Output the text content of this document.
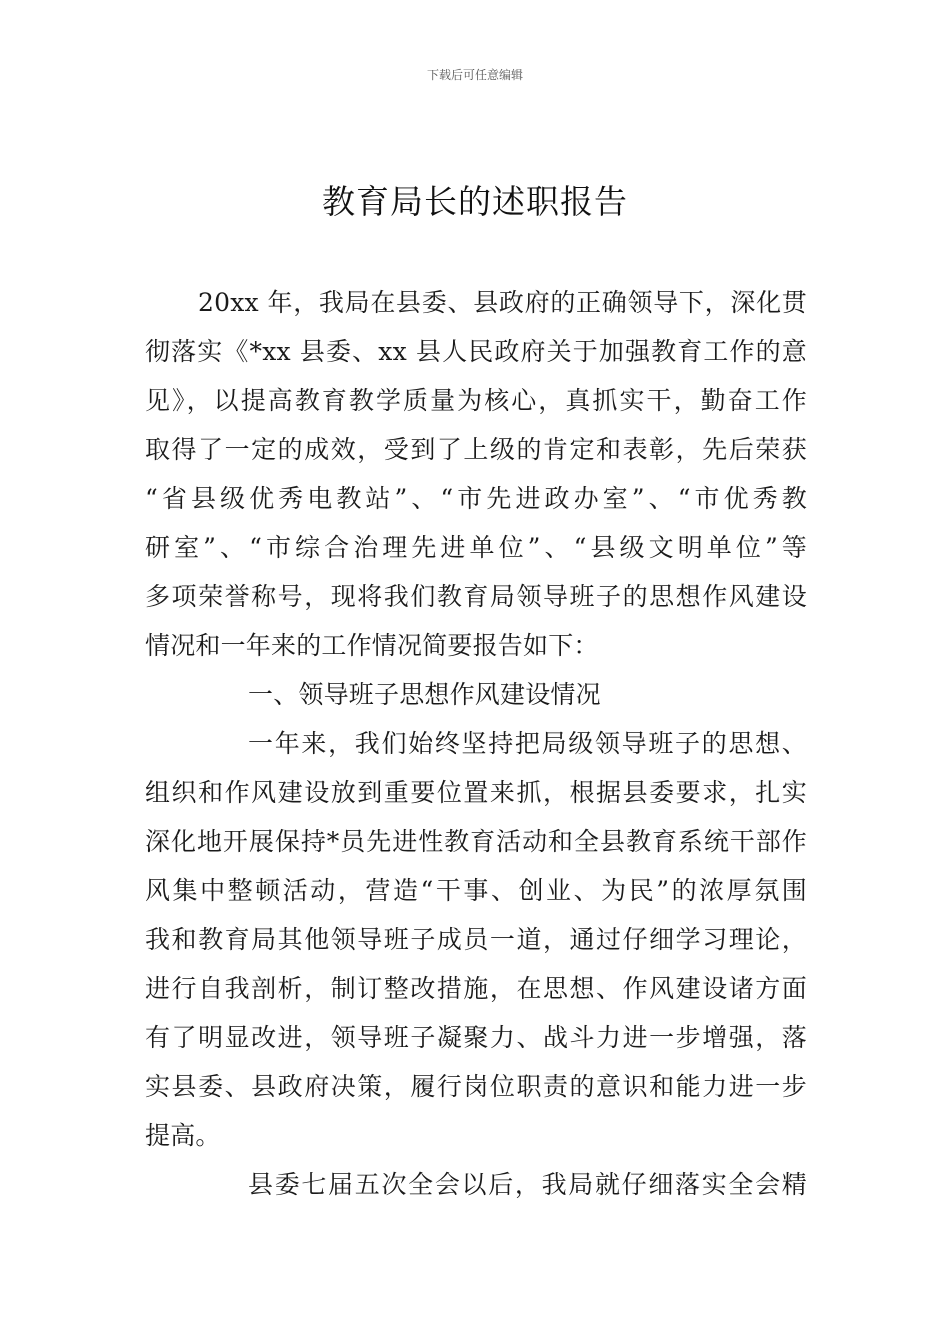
下载后可任意编辑
教育局长的述职报告
20xx 年，我局在县委、县政府的正确领导下，深化贯
彻落实《*xx 县委、xx 县人民政府关于加强教育工作的意
见》，以提高教育教学质量为核心，真抓实干，勤奋工作
取得了一定的成效，受到了上级的肯定和表彰，先后荣获
“省县级优秀电教站”、“市先进政办室”、“市优秀教
研室”、“市综合治理先进单位”、“县级文明单位”等
多项荣誉称号，现将我们教育局领导班子的思想作风建设
情况和一年来的工作情况简要报告如下：
一、领导班子思想作风建设情况
一年来，我们始终坚持把局级领导班子的思想、
组织和作风建设放到重要位置来抓，根据县委要求，扎实
深化地开展保持*员先进性教育活动和全县教育系统干部作
风集中整顿活动，营造“干事、创业、为民”的浓厚氛围
我和教育局其他领导班子成员一道，通过仔细学习理论，
进行自我剖析，制订整改措施，在思想、作风建设诸方面
有了明显改进，领导班子凝聚力、战斗力进一步增强，落
实县委、县政府决策，履行岗位职责的意识和能力进一步
提高。
县委七届五次全会以后，我局就仔细落实全会精
